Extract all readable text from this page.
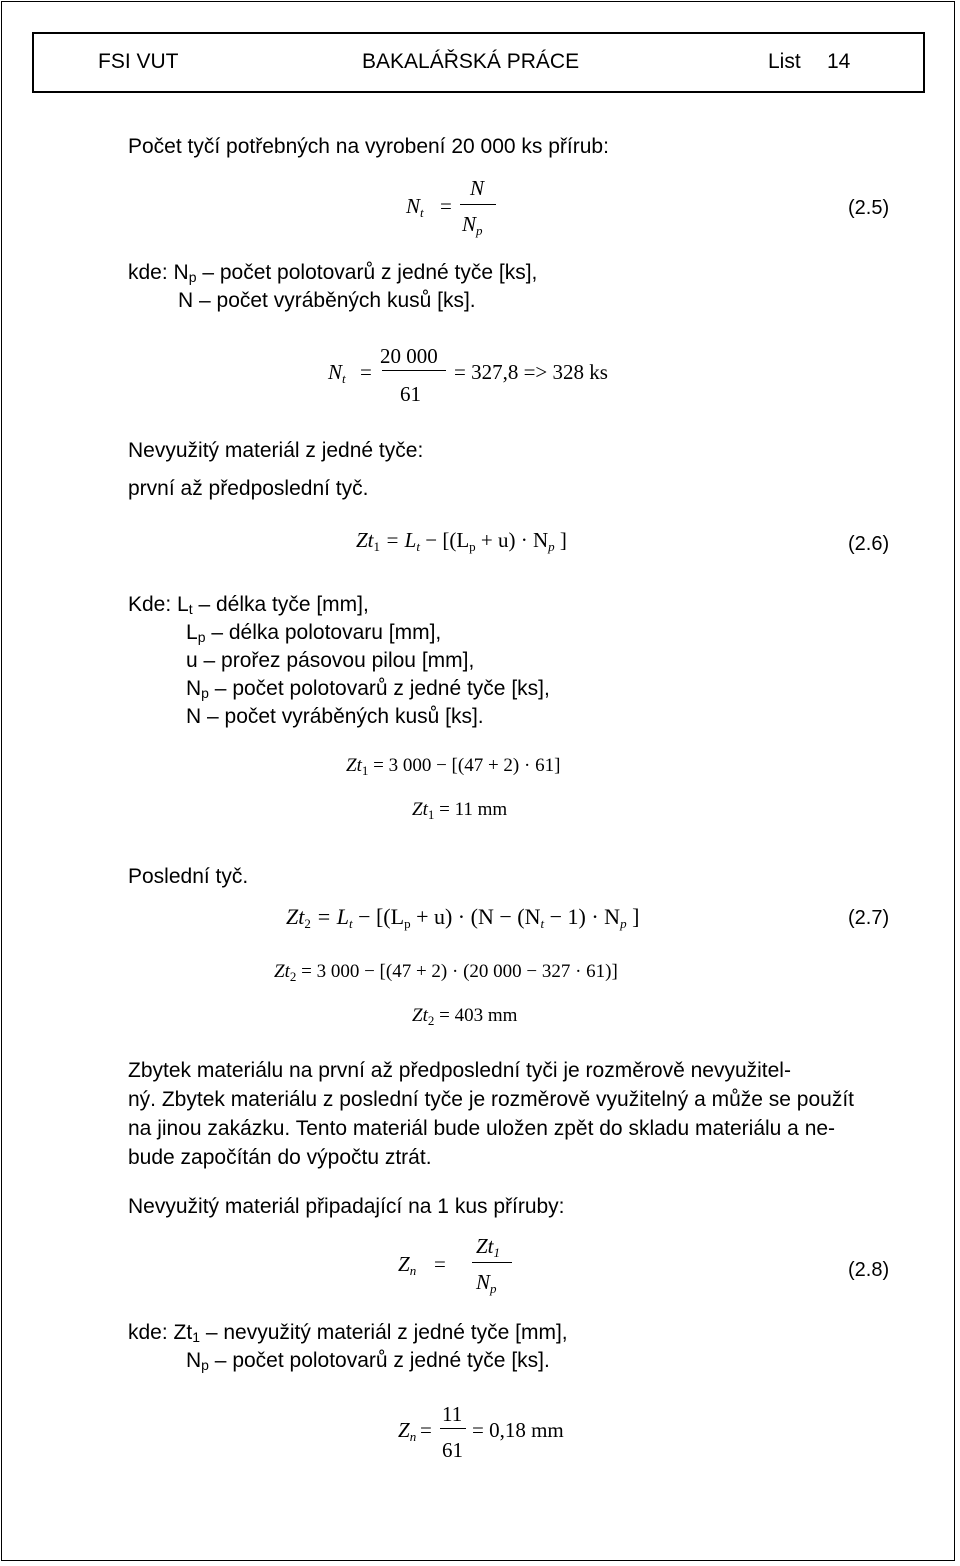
FSI VUT	BAKALÁŘSKÁ PRÁCE	List 14
Počet tyčí potřebných na vyrobení 20 000 ks přírub:
$N_t$ =
N
$N_p$
(2.5)
kde: Np – počet polotovarů z jedné tyče [ks],
N – počet vyráběných kusů [ks].
$N_t$ =
20 000
61
= 327,8 => 328 ks
Nevyužitý materiál z jedné tyče:
první až předposlední tyč.
$Zt_1 = L_t - [(L_p + u) \cdot N_p$ ]	(2.6)
Kde: Lt – délka tyče [mm],
Lp – délka polotovaru [mm],
u – prořez pásovou pilou [mm],
Np – počet polotovarů z jedné tyče [ks],
N – počet vyráběných kusů [ks].
$Zt_1 = 3$ 000 − [(47 + 2) · 61]
$Zt_1 = 11$ mm
Poslední tyč.
$Zt_2 = L_t - [(L_p + u) \cdot (N - (N_t - 1) \cdot N_p$ ]	(2.7)
$Zt_2 = 3$ 000 − [(47 + 2) · (20 000 − 327 · 61)]
$Zt_2 = 403$ mm
Zbytek materiálu na první až předposlední tyči je rozměrově nevyužitel-
ný. Zbytek materiálu z poslední tyče je rozměrově využitelný a může se použít
na jinou zakázku. Tento materiál bude uložen zpět do skladu materiálu a ne-
bude započítán do výpočtu ztrát.
Nevyužitý materiál připadající na 1 kus příruby:
$Z_n$ =
$Zt_1$
$N_p$
(2.8)
kde: Zt1 – nevyužitý materiál z jedné tyče [mm],
Np – počet polotovarů z jedné tyče [ks].
$Z_n$ =
11
61
= 0,18 mm
